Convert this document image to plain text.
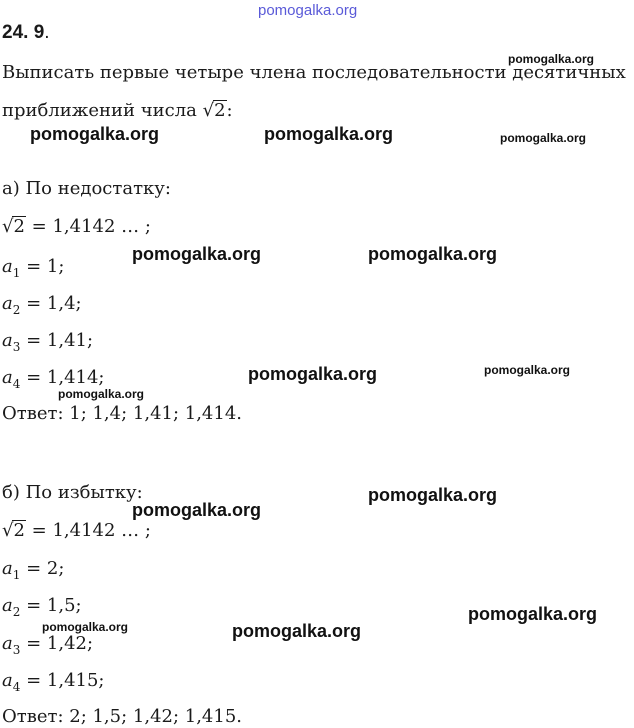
pomogalka.org
pomogalka.org
pomogalka.org	pomogalka.org	pomogalka.org
pomogalka.org	pomogalka.org
pomogalka.org	pomogalka.org
pomogalka.org
pomogalka.org
pomogalka.org
pomogalka.org
pomogalka.org	pomogalka.org
24. 9.
Выписать первые четыре члена последовательности десятичных
приближений числа √2:
а) По недостатку:
√2 = 1,4142 … ;
$a_1 = 1$;
$a_2 = 1,4$;
$a_3 = 1,41$;
$a_4 = 1,414$;
Ответ: 1; 1,4; 1,41; 1,414.
б) По избытку:
√2 = 1,4142 … ;
$a_1 = 2$;
$a_2 = 1,5$;
$a_3 = 1,42$;
$a_4 = 1,415$;
Ответ: 2; 1,5; 1,42; 1,415.
